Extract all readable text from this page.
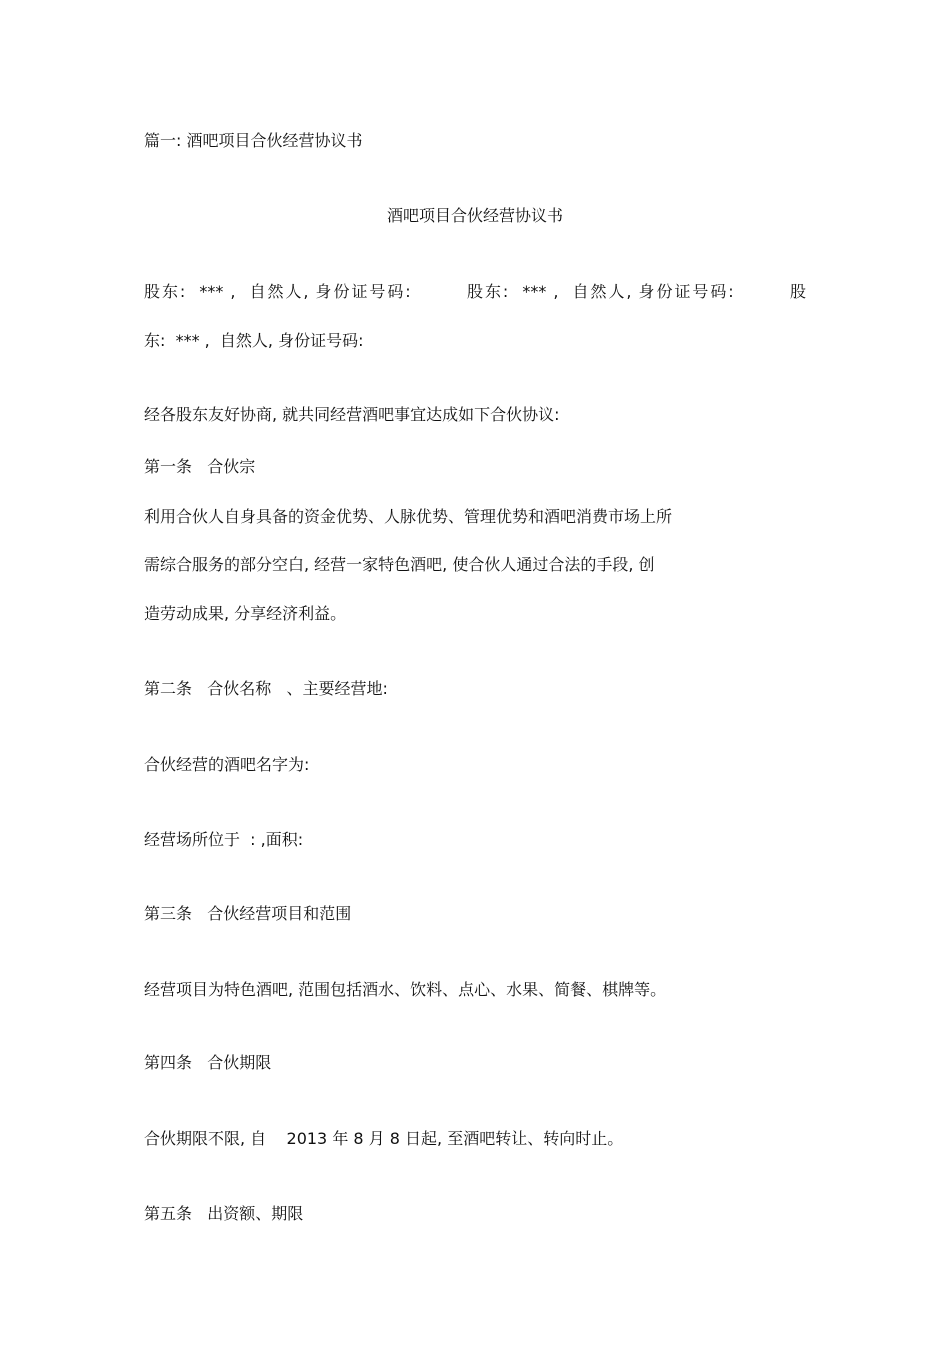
篇一: 酒吧项目合伙经营协议书
酒吧项目合伙经营协议书
股东:  *** ,  自然人, 身份证号码:        股东:  *** ,  自然人, 身份证号码:        股
东:  *** ,  自然人, 身份证号码:
经各股东友好协商, 就共同经营酒吧事宜达成如下合伙协议:
第一条   合伙宗
利用合伙人自身具备的资金优势、人脉优势、管理优势和酒吧消费市场上所
需综合服务的部分空白, 经营一家特色酒吧, 使合伙人通过合法的手段, 创
造劳动成果, 分享经济利益。
第二条   合伙名称   、主要经营地:
合伙经营的酒吧名字为:
经营场所位于  : ,面积:
第三条   合伙经营项目和范围
经营项目为特色酒吧, 范围包括酒水、饮料、点心、水果、简餐、棋牌等。
第四条   合伙期限
合伙期限不限, 自    2013 年 8 月 8 日起, 至酒吧转让、转向时止。
第五条   出资额、期限
